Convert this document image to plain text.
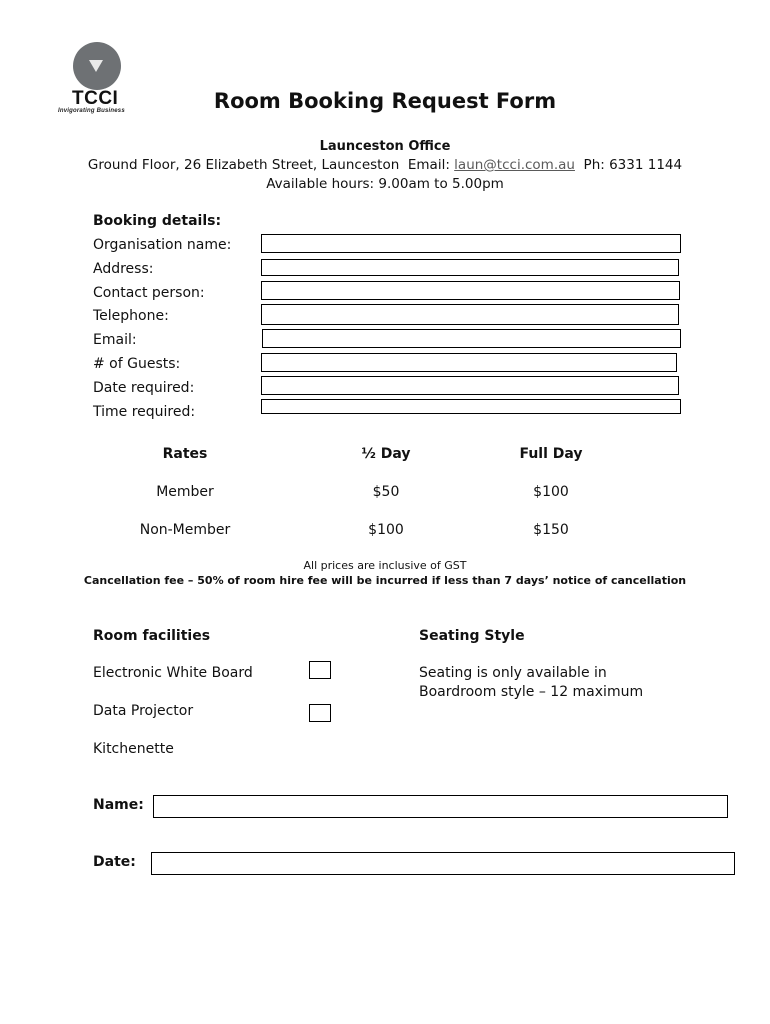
TCCI
Invigorating Business	Room Booking Request Form
Launceston Office
Ground Floor, 26 Elizabeth Street, Launceston Email: laun@tcci.com.au Ph: 6331 1144
Available hours: 9.00am to 5.00pm
Booking details:
Organisation name:
Address:
Contact person:
Telephone:
Email:
# of Guests:
Date required:
Time required:
Rates	½ Day	Full Day
Member	$50	$100
Non-Member	$100	$150
All prices are inclusive of GST
Cancellation fee – 50% of room hire fee will be incurred if less than 7 days’ notice of cancellation
Room facilities
Electronic White Board
Data Projector
Kitchenette
Seating Style
Seating is only available in
Boardroom style – 12 maximum
Name:
Date:
